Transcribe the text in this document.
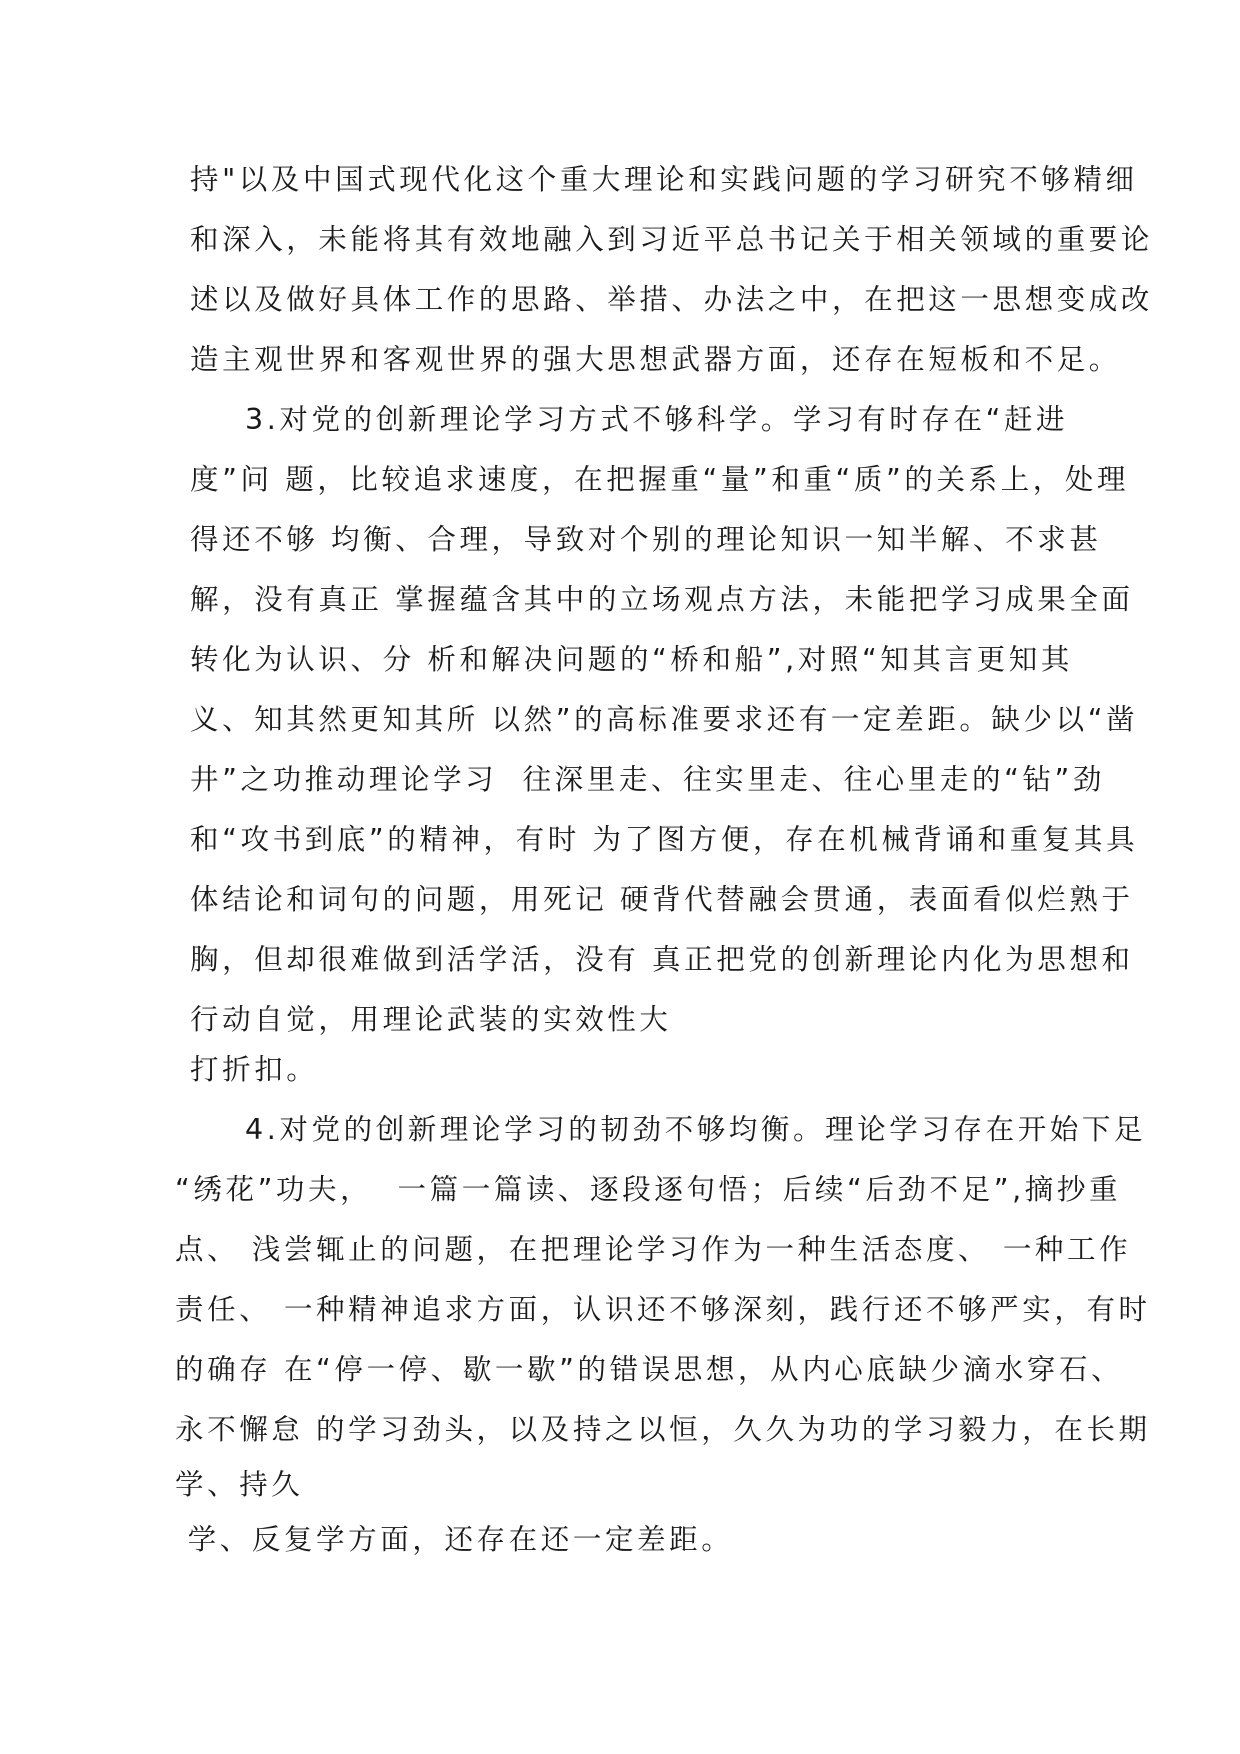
持"以及中国式现代化这个重大理论和实践问题的学习研究不够精细
和深入，未能将其有效地融入到习近平总书记关于相关领域的重要论
述以及做好具体工作的思路、举措、办法之中，在把这一思想变成改
造主观世界和客观世界的强大思想武器方面，还存在短板和不足。
3.对党的创新理论学习方式不够科学。学习有时存在“赶进
度”问 题，比较追求速度，在把握重“量”和重“质”的关系上，处理
得还不够 均衡、合理，导致对个别的理论知识一知半解、不求甚
解，没有真正 掌握蕴含其中的立场观点方法，未能把学习成果全面
转化为认识、分 析和解决问题的“桥和船”,对照“知其言更知其
义、知其然更知其所 以然”的高标准要求还有一定差距。缺少以“凿
井”之功推动理论学习  往深里走、往实里走、往心里走的“钻”劲
和“攻书到底”的精神，有时 为了图方便，存在机械背诵和重复其具
体结论和词句的问题，用死记 硬背代替融会贯通，表面看似烂熟于
胸，但却很难做到活学活，没有 真正把党的创新理论内化为思想和
行动自觉，用理论武装的实效性大
打折扣。
4.对党的创新理论学习的韧劲不够均衡。理论学习存在开始下足
“绣花”功夫，  一篇一篇读、逐段逐句悟；后续“后劲不足”,摘抄重
点、 浅尝辄止的问题，在把理论学习作为一种生活态度、 一种工作
责任、 一种精神追求方面，认识还不够深刻，践行还不够严实，有时
的确存 在“停一停、歇一歇”的错误思想，从内心底缺少滴水穿石、
永不懈怠 的学习劲头，以及持之以恒，久久为功的学习毅力，在长期
学、持久
学、反复学方面，还存在还一定差距。
